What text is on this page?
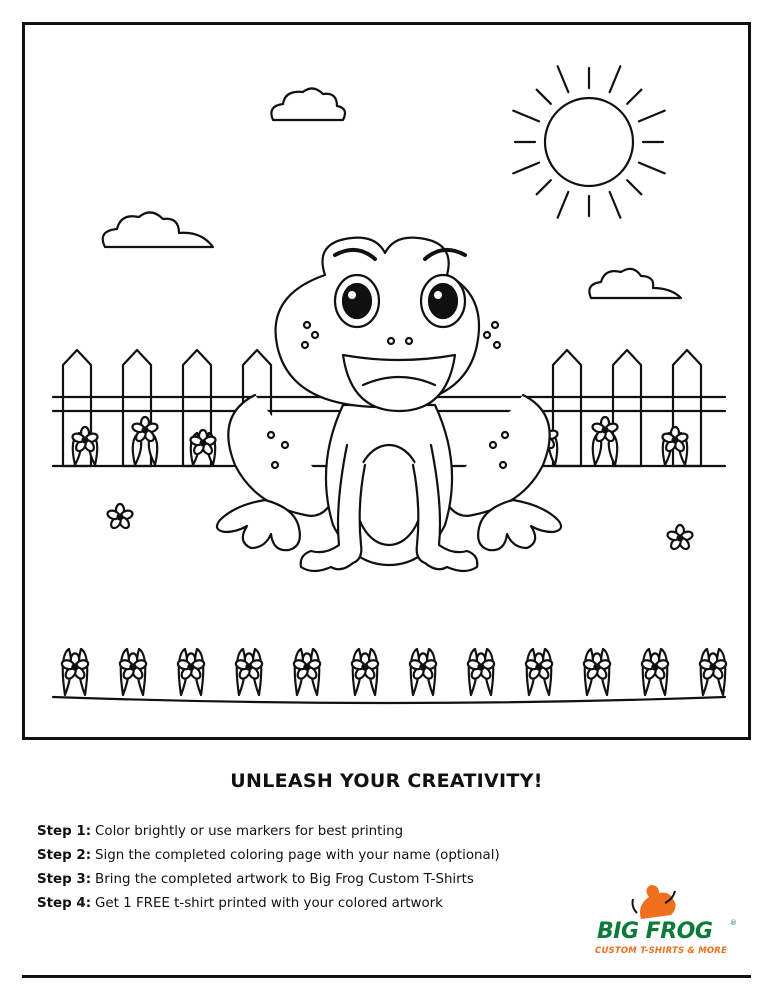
UNLEASH YOUR CREATIVITY!
Step 1: Color brightly or use markers for best printing
Step 2: Sign the completed coloring page with your name (optional)
Step 3: Bring the completed artwork to Big Frog Custom T-Shirts
Step 4: Get 1 FREE t-shirt printed with your colored artwork
BIG FROG	®
CUSTOM T-SHIRTS & MORE
